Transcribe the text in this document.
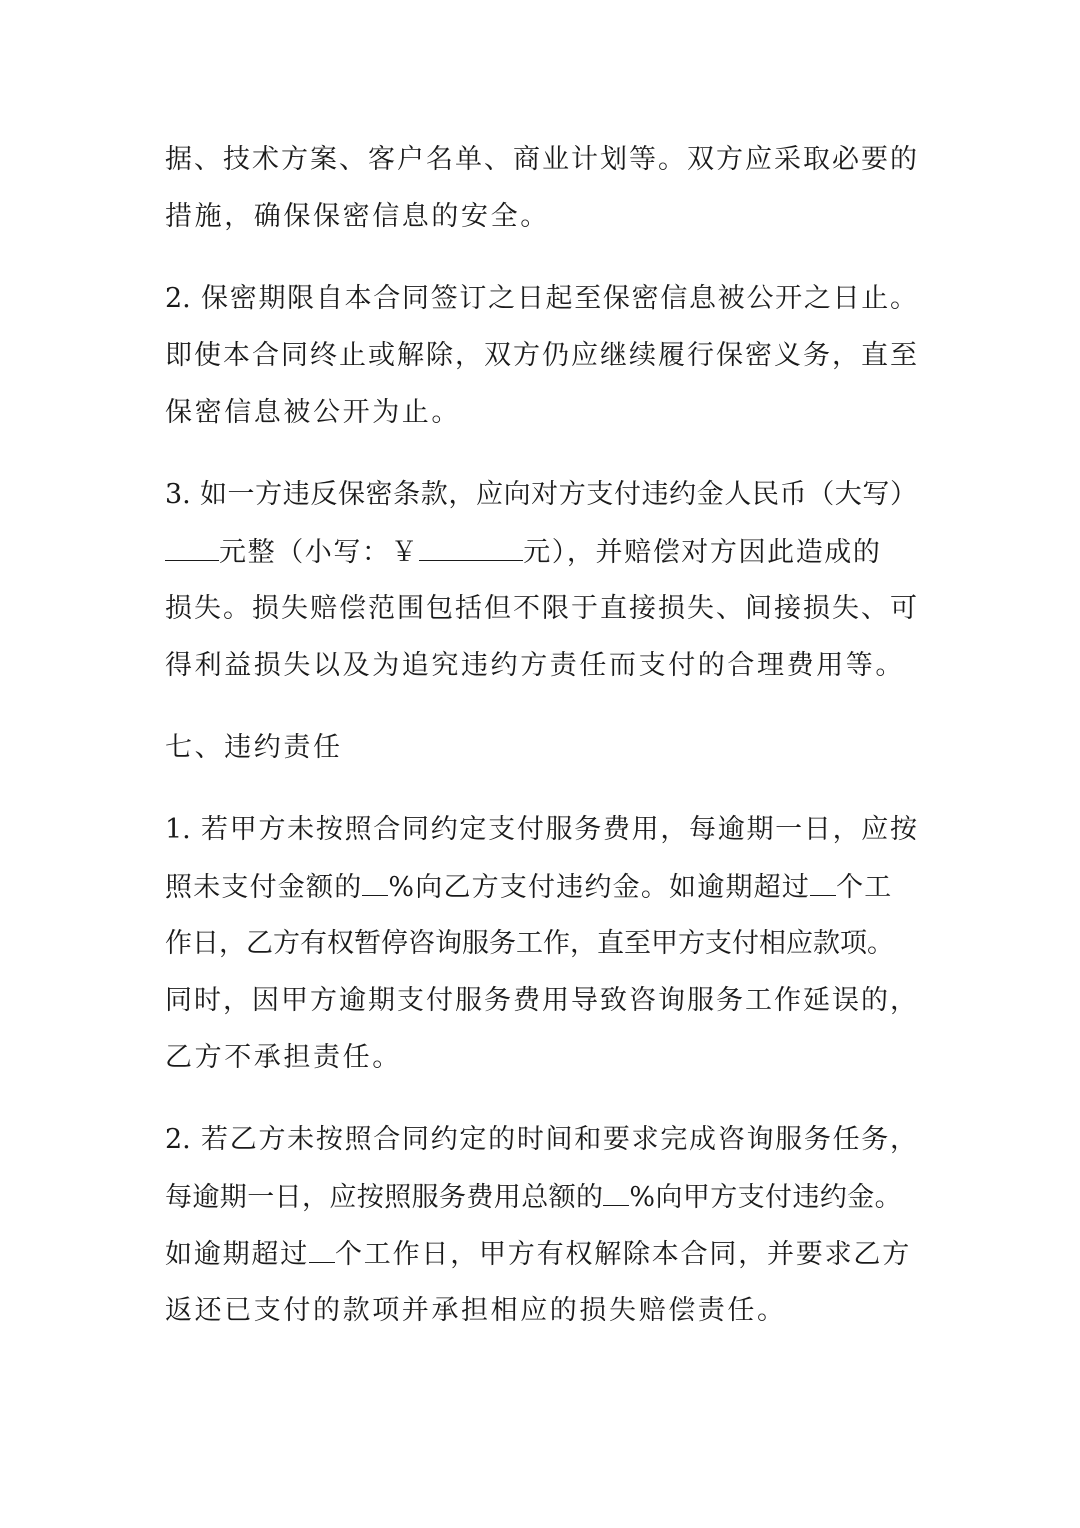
据、技术方案、客户名单、商业计划等。双方应采取必要的
措施，确保保密信息的安全。
2. 保密期限自本合同签订之日起至保密信息被公开之日止。
即使本合同终止或解除，双方仍应继续履行保密义务，直至
保密信息被公开为止。
3. 如一方违反保密条款，应向对方支付违约金人民币（大写）
元整（小写：￥	元），并赔偿对方因此造成的
损失。损失赔偿范围包括但不限于直接损失、间接损失、可
得利益损失以及为追究违约方责任而支付的合理费用等。
七、违约责任
1. 若甲方未按照合同约定支付服务费用，每逾期一日，应按
照未支付金额的 %向乙方支付违约金。如逾期超过 个工
作日，乙方有权暂停咨询服务工作，直至甲方支付相应款项。
同时，因甲方逾期支付服务费用导致咨询服务工作延误的，
乙方不承担责任。
2. 若乙方未按照合同约定的时间和要求完成咨询服务任务，
每逾期一日，应按照服务费用总额的 %向甲方支付违约金。
如逾期超过 个工作日，甲方有权解除本合同，并要求乙方
返还已支付的款项并承担相应的损失赔偿责任。
